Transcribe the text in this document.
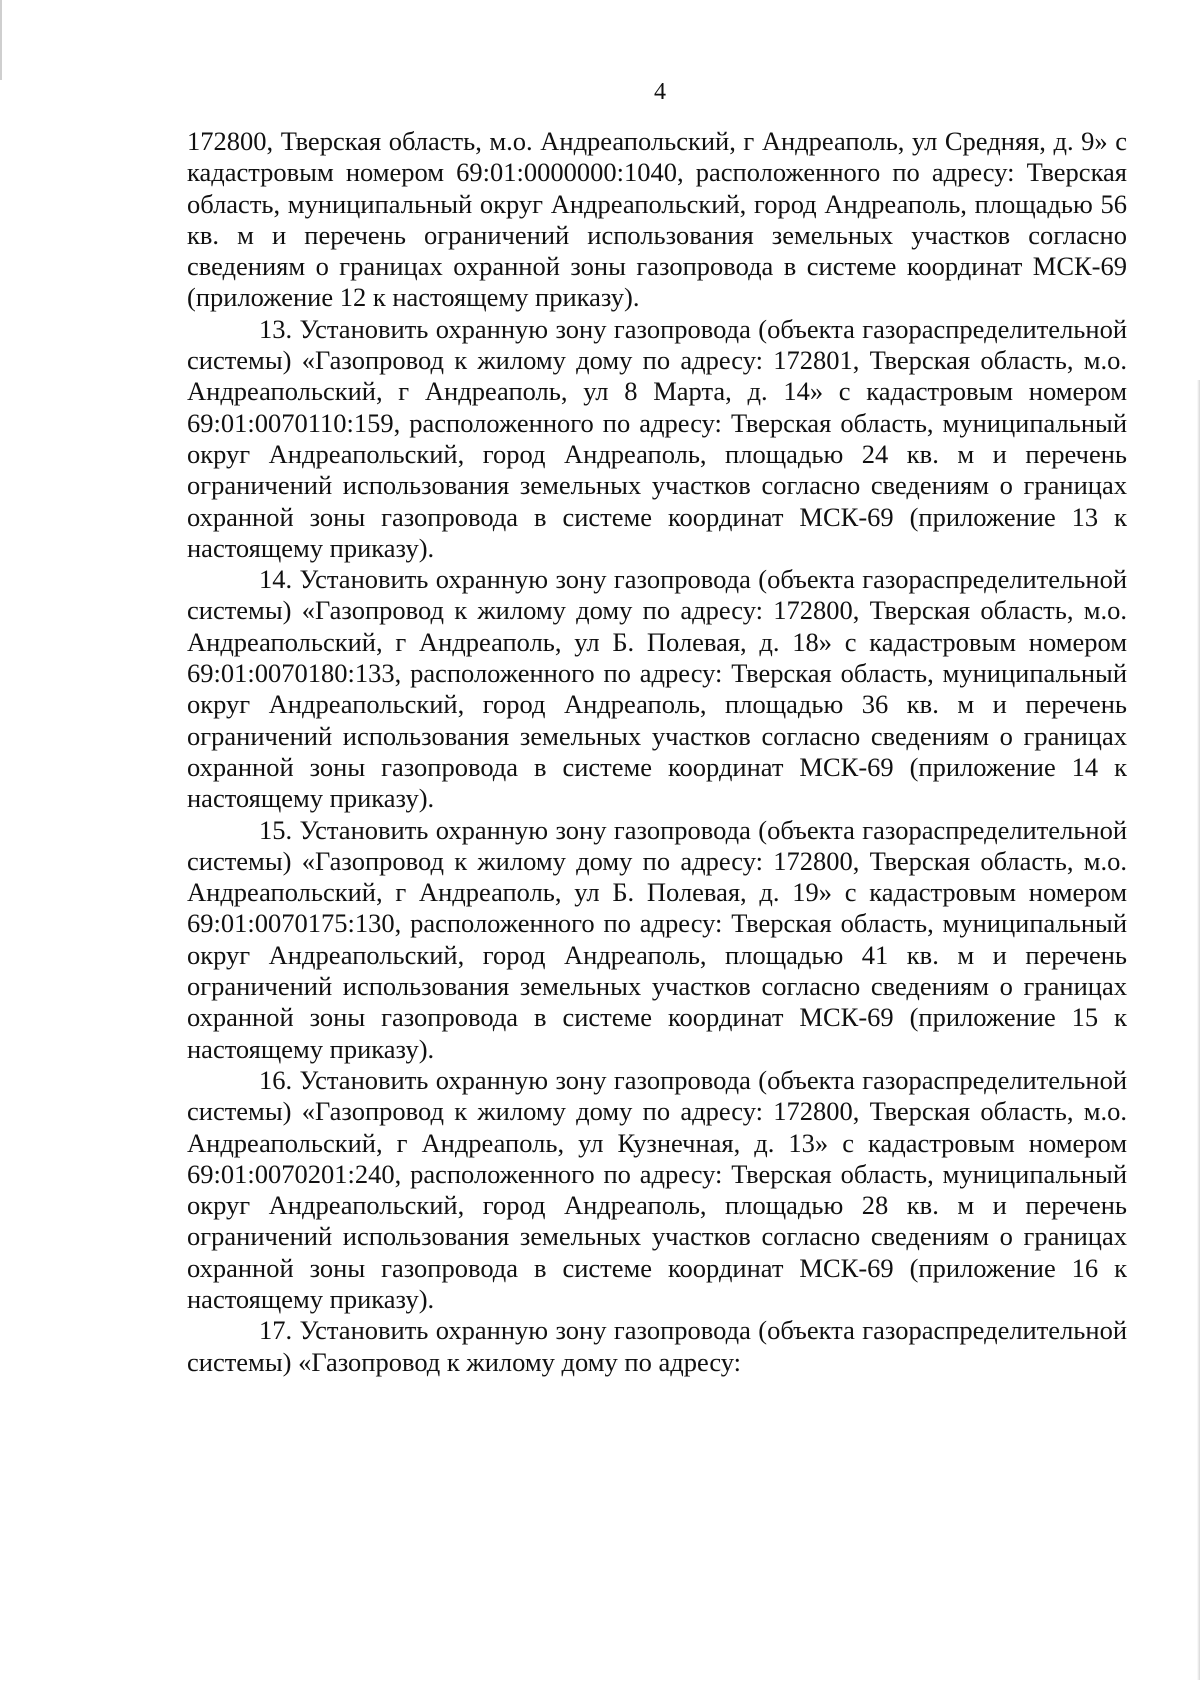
4

172800, Тверская область, м.о. Андреапольский, г Андреаполь, ул Средняя, д. 9» с кадастровым номером 69:01:0000000:1040, расположенного по адресу: Тверская область, муниципальный округ Андреапольский, город Андреаполь, площадью 56 кв. м и перечень ограничений использования земельных участков согласно сведениям о границах охранной зоны газопровода в системе координат МСК-69 (приложение 12 к настоящему приказу).

13. Установить охранную зону газопровода (объекта газораспределительной системы) «Газопровод к жилому дому по адресу: 172801, Тверская область, м.о. Андреапольский, г Андреаполь, ул 8 Марта, д. 14» с кадастровым номером 69:01:0070110:159, расположенного по адресу: Тверская область, муниципальный округ Андреапольский, город Андреаполь, площадью 24 кв. м и перечень ограничений использования земельных участков согласно сведениям о границах охранной зоны газопровода в системе координат МСК-69 (приложение 13 к настоящему приказу).

14. Установить охранную зону газопровода (объекта газораспределительной системы) «Газопровод к жилому дому по адресу: 172800, Тверская область, м.о. Андреапольский, г Андреаполь, ул Б. Полевая, д. 18» с кадастровым номером 69:01:0070180:133, расположенного по адресу: Тверская область, муниципальный округ Андреапольский, город Андреаполь, площадью 36 кв. м и перечень ограничений использования земельных участков согласно сведениям о границах охранной зоны газопровода в системе координат МСК-69 (приложение 14 к настоящему приказу).

15. Установить охранную зону газопровода (объекта газораспределительной системы) «Газопровод к жилому дому по адресу: 172800, Тверская область, м.о. Андреапольский, г Андреаполь, ул Б. Полевая, д. 19» с кадастровым номером 69:01:0070175:130, расположенного по адресу: Тверская область, муниципальный округ Андреапольский, город Андреаполь, площадью 41 кв. м и перечень ограничений использования земельных участков согласно сведениям о границах охранной зоны газопровода в системе координат МСК-69 (приложение 15 к настоящему приказу).

16. Установить охранную зону газопровода (объекта газораспределительной системы) «Газопровод к жилому дому по адресу: 172800, Тверская область, м.о. Андреапольский, г Андреаполь, ул Кузнечная, д. 13» с кадастровым номером 69:01:0070201:240, расположенного по адресу: Тверская область, муниципальный округ Андреапольский, город Андреаполь, площадью 28 кв. м и перечень ограничений использования земельных участков согласно сведениям о границах охранной зоны газопровода в системе координат МСК-69 (приложение 16 к настоящему приказу).

17. Установить охранную зону газопровода (объекта газораспределительной системы) «Газопровод к жилому дому по адресу:
